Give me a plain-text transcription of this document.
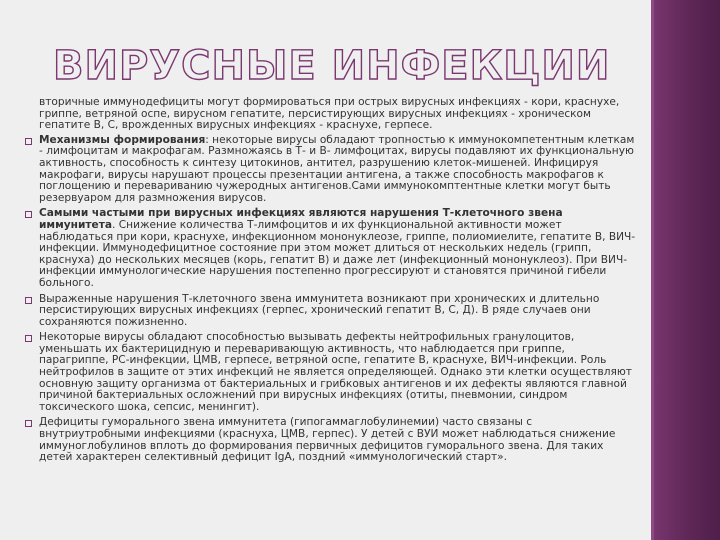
ВИРУСНЫЕ ИНФЕКЦИИ
вторичные иммунодефициты могут формироваться при острых вирусных инфекциях - кори, краснухе, гриппе, ветряной оспе, вирусном гепатите, персистирующих вирусных инфекциях - хроническом гепатите В, С, врожденных вирусных инфекциях - краснухе, герпесе.
Механизмы формирования: некоторые вирусы обладают тропностью к иммунокомпетентным клеткам - лимфоцитам и макрофагам. Размножаясь в Т- и В- лимфоцитах, вирусы подавляют их функциональную активность, способность к синтезу цитокинов, антител, разрушению клеток-мишеней. Инфицируя макрофаги, вирусы нарушают процессы презентации антигена, а также способность макрофагов к поглощению и перевариванию чужеродных антигенов.Сами иммунокомптентные клетки могут быть резервуаром для размножения вирусов.
Самыми частыми при вирусных инфекциях являются нарушения Т-клеточного звена иммунитета. Снижение количества Т-лимфоцитов и их функциональной активности может наблюдаться при кори, краснухе, инфекционном мононуклеозе, гриппе, полиомиелите, гепатите В, ВИЧ-инфекции. Иммунодефицитное состояние при этом может длиться от нескольких недель (грипп, краснуха) до нескольких месяцев (корь, гепатит В) и даже лет (инфекционный мононуклеоз). При ВИЧ-инфекции иммунологические нарушения постепенно прогрессируют и становятся причиной гибели больного.
Выраженные нарушения Т-клеточного звена иммунитета возникают при хронических и длительно персистирующих вирусных инфекциях (герпес, хронический гепатит В, С, Д). В ряде случаев они сохраняются пожизненно.
Некоторые вирусы обладают способностью вызывать дефекты нейтрофильных гранулоцитов, уменьшать их бактерицидную и переваривающую активность, что наблюдается при гриппе, парагриппе, РС-инфекции, ЦМВ, герпесе, ветряной оспе, гепатите В, краснухе, ВИЧ-инфекции. Роль нейтрофилов в защите от этих инфекций не является определяющей. Однако эти клетки осуществляют основную защиту организма от бактериальных и грибковых антигенов и их дефекты являются главной причиной бактериальных осложнений при вирусных инфекциях (отиты, пневмонии, синдром токсического шока, сепсис, менингит).
Дефициты гуморального звена иммунитета (гипогаммаглобулинемии) часто связаны с внутриутробными инфекциями (краснуха, ЦМВ, герпес). У детей с ВУИ может наблюдаться снижение иммуноглобулинов вплоть до формирования первичных дефицитов гуморального звена. Для таких детей характерен селективный дефицит IgA, поздний «иммунологический старт».
